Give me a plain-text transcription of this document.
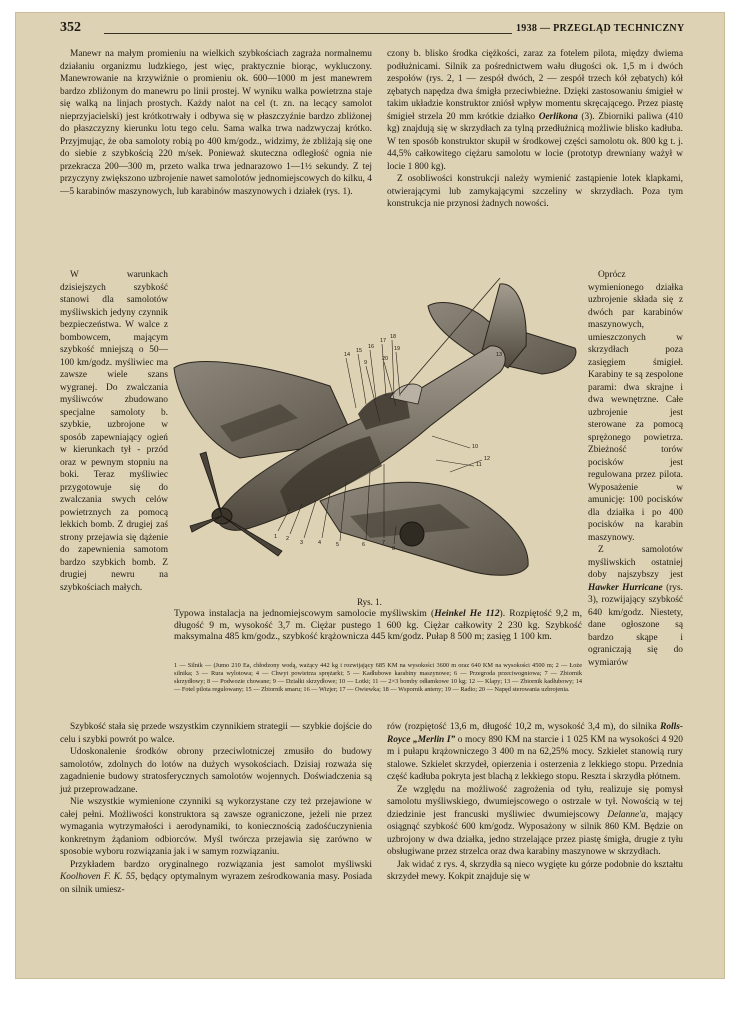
352	1938 — PRZEGLĄD TECHNICZNY

Manewr na małym promieniu na wielkich szybkościach zagraża normalnemu działaniu organizmu ludzkiego, jest więc, praktycznie biorąc, wykluczony. Manewrowanie na krzywiźnie o promieniu ok. 600—1000 m jest manewrem bardzo zbliżonym do manewru po linii prostej. W wyniku walka powietrzna staje się walką na linjach prostych. Każdy nalot na cel (t. zn. na lecący samolot nieprzyjacielski) jest krótkotrwały i odbywa się w płaszczyźnie bardzo zbliżonej do płaszczyzny kierunku lotu tego celu. Sama walka trwa nadzwyczaj krótko. Przyjmując, że oba samoloty robią po 400 km/godz., widzimy, że zbliżają się one do siebie z szybkością 220 m/sek. Ponieważ skuteczna odległość ognia nie przekracza 200—300 m, przeto walka trwa jednarazowo 1—1½ sekundy. Z tej przyczyny zwiększono uzbrojenie nawet samolotów jednomiejscowych do kilku, 4—5 karabinów maszynowych, lub karabinów maszynowych i działek (rys. 1).

W warunkach dzisiejszych szybkość stanowi dla samolotów myśliwskich jedyny czynnik bezpieczeństwa. W walce z bombowcem, mającym szybkość mniejszą o 50—100 km/godz. myśliwiec ma zawsze wiele szans wygranej. Do zwalczania myśliwców zbudowano specjalne samoloty b. szybkie, uzbrojone w sposób zapewniający ogień w kierunkach tył - przód oraz w pewnym stopniu na boki. Teraz myśliwiec przygotowuje się do zwalczania swych celów powietrznych za pomocą lekkich bomb. Z drugiej zaś strony przejawia się dążenie do zapewnienia samotom bardzo szybkich bomb. Z drugiej newru na szybkościach małych.

Szybkość stała się przede wszystkim czynnikiem strategii — szybkie dojście do celu i szybki powrót po walce.

Udoskonalenie środków obrony przeciwlotniczej zmusiło do budowy samolotów, zdolnych do lotów na dużych wysokościach. Dzisiaj rozważa się zagadnienie budowy stratosferycznych samolotów wojennych. Doświadczenia są już przeprowadzane.

Nie wszystkie wymienione czynniki są wykorzystane czy też przejawione w całej pełni. Możliwości konstruktora są zawsze ograniczone, jeżeli nie przez wymagania wytrzymałości i aerodynamiki, to koniecznością zadośćuczynienia konkretnym żądaniom odbiorców. Myśl twórcza przejawia się zarówno w sposobie wyboru rozwiązania jak i w samym rozwiązaniu.

Przykładem bardzo oryginalnego rozwiązania jest samolot myśliwski Koolhoven F. K. 55, będący optymalnym wyrazem ześrodkowania masy. Posiada on silnik umiesz-

czony b. blisko środka ciężkości, zaraz za fotelem pilota, między dwiema podłużnicami. Silnik za pośrednictwem wału długości ok. 1,5 m i dwóch zespołów (rys. 2, 1 — zespół dwóch, 2 — zespół trzech kół zębatych) kół zębatych napędza dwa śmigła przeciwbieżne. Dzięki zastosowaniu śmigieł w takim układzie konstruktor zniósł wpływ momentu skręcającego. Przez piastę śmigieł strzela 20 mm krótkie działko Oerlikona (3). Zbiorniki paliwa (410 kg) znajdują się w skrzydłach za tylną przedłużnicą możliwie blisko kadłuba. W ten sposób konstruktor skupił w środkowej części samolotu ok. 800 kg t. j. 44,5% całkowitego ciężaru samolotu w locie (prototyp drewniany ważył w locie 1 800 kg).

Z osobliwości konstrukcji należy wymienić zastąpienie lotek klapkami, otwierającymi lub zamykającymi szczeliny w skrzydłach. Poza tym konstrukcja nie przynosi żadnych nowości.

Oprócz wymienionego działka uzbrojenie składa się z dwóch par karabinów maszynowych, umieszczonych w skrzydłach poza zasięgiem śmigieł. Karabiny te są zespolone parami: dwa skrajne i dwa wewnętrzne. Całe uzbrojenie jest sterowane za pomocą sprężonego powietrza. Zbieżność torów pocisków jest regulowana przez pilota. Wyposażenie w amunicję: 100 pocisków dla działka i po 400 pocisków na karabin maszynowy.

Z samolotów myśliwskich ostatniej doby najszybszy jest Hawker Hurricane (rys. 3), rozwijający szybkość 640 km/godz. Niestety, dane ogłoszone są bardzo skąpe i ograniczają się do wymiarów

rów (rozpiętość 13,6 m, długość 10,2 m, wysokość 3,4 m), do silnika Rolls-Royce „Merlin I” o mocy 890 KM na starcie i 1 025 KM na wysokości 4 920 m i pułapu krążowniczego 3 400 m na 62,25% mocy. Szkielet stanowią rury stalowe. Szkielet skrzydeł, opierzenia i osterzenia z lekkiego stopu. Przednia część kadłuba pokryta jest blachą z lekkiego stopu. Reszta i skrzydła płótnem.

Ze względu na możliwość zagrożenia od tyłu, realizuje się pomysł samolotu myśliwskiego, dwumiejscowego o ostrzale w tył. Nowością w tej dziedzinie jest francuski myśliwiec dwumiejscowy Delanne'a, mający osiągnąć szybkość 600 km/godz. Wyposażony w silnik 860 KM. Będzie on uzbrojony w dwa działka, jedno strzelające przez piastę śmigła, drugie z tyłu obsługiwane przez strzelca oraz dwa karabiny maszynowe w skrzydłach.

Jak widać z rys. 4, skrzydła są nieco wygięte ku górze podobnie do kształtu skrzydeł mewy. Kokpit znajduje się w

14
15
16
17
18
19
20
10
11
12
1 2
3	4	5	6	7
8
9
13
Rys. 1.
Typowa instalacja na jednomiejscowym samolocie myśliwskim (Heinkel He 112). Rozpiętość 9,2 m, długość 9 m, wysokość 3,7 m. Ciężar pustego 1 600 kg. Ciężar całkowity 2 230 kg. Szybkość maksymalna 485 km/godz., szybkość krążownicza 445 km/godz. Pułap 8 500 m; zasięg 1 100 km.
1 — Silnik — (Jumo 210 Ea, chłodzony wodą, ważący 442 kg i rozwijający 685 KM na wysokości 3600 m oraz 640 KM na wysokości 4500 m; 2 — Łoże silnika; 3 — Rura wylotowa; 4 — Chwyt powietrza sprężarki; 5 — Kadłubowe karabiny maszynowe; 6 — Przegroda przeciwogniowa; 7 — Zbiornik skrzydłowy; 8 — Podwozie chowane; 9 — Działki skrzydłowe; 10 — Lotki; 11 — 2×3 bomby odłamkowe 10 kg; 12 — Klapy; 13 — Zbiornik kadłubowy; 14 — Fotel pilota regulowany; 15 — Zbiornik smaru; 16 — Wizjer; 17 — Owiewka; 18 — Wspornik anteny; 19 — Radio; 20 — Napęd sterowania uzbrojenia.
